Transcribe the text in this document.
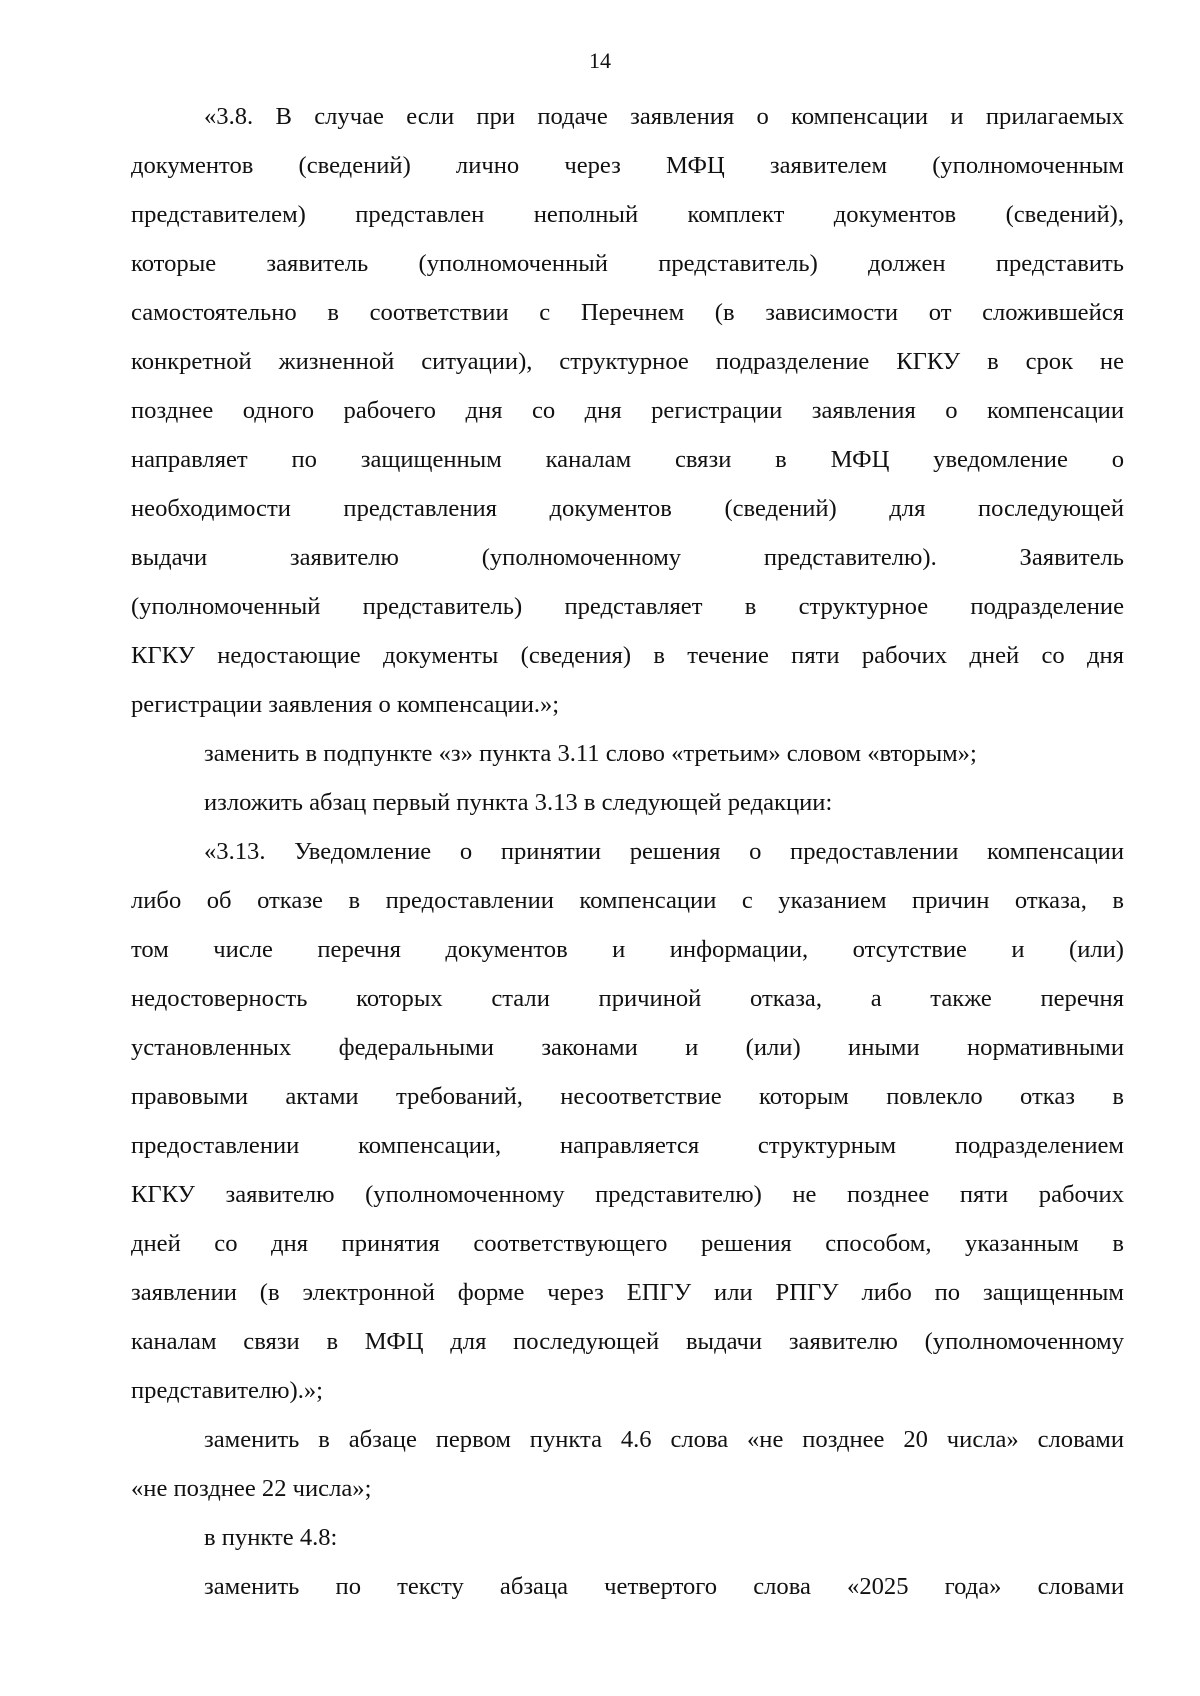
14
«3.8. В случае если при подаче заявления о компенсации и прилагаемых
документов (сведений) лично через МФЦ заявителем (уполномоченным
представителем) представлен неполный комплект документов (сведений),
которые заявитель (уполномоченный представитель) должен представить
самостоятельно в соответствии с Перечнем (в зависимости от сложившейся
конкретной жизненной ситуации), структурное подразделение КГКУ в срок не
позднее одного рабочего дня со дня регистрации заявления о компенсации
направляет по защищенным каналам связи в МФЦ уведомление о
необходимости представления документов (сведений) для последующей
выдачи заявителю (уполномоченному представителю). Заявитель
(уполномоченный представитель) представляет в структурное подразделение
КГКУ недостающие документы (сведения) в течение пяти рабочих дней со дня
регистрации заявления о компенсации.»;
заменить в подпункте «з» пункта 3.11 слово «третьим» словом «вторым»;
изложить абзац первый пункта 3.13 в следующей редакции:
«3.13. Уведомление о принятии решения о предоставлении компенсации
либо об отказе в предоставлении компенсации с указанием причин отказа, в
том числе перечня документов и информации, отсутствие и (или)
недостоверность которых стали причиной отказа, а также перечня
установленных федеральными законами и (или) иными нормативными
правовыми актами требований, несоответствие которым повлекло отказ в
предоставлении компенсации, направляется структурным подразделением
КГКУ заявителю (уполномоченному представителю) не позднее пяти рабочих
дней со дня принятия соответствующего решения способом, указанным в
заявлении (в электронной форме через ЕПГУ или РПГУ либо по защищенным
каналам связи в МФЦ для последующей выдачи заявителю (уполномоченному
представителю).»;
заменить в абзаце первом пункта 4.6 слова «не позднее 20 числа» словами
«не позднее 22 числа»;
в пункте 4.8:
заменить по тексту абзаца четвертого слова «2025 года» словами
